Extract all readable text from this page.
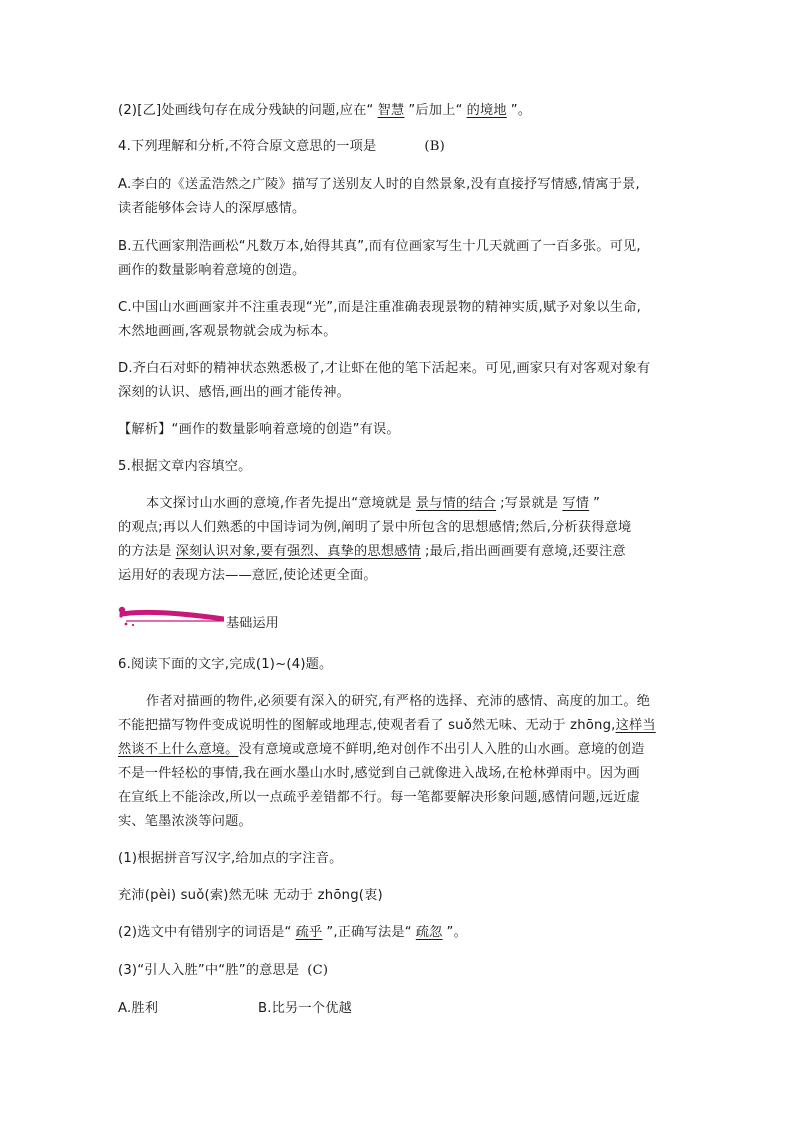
(2)[乙]处画线句存在成分残缺的问题,应在“ 智慧 ”后加上“ 的境地 ”。
4.下列理解和分析,不符合原文意思的一项是	(B)
A.李白的《送孟浩然之广陵》描写了送别友人时的自然景象,没有直接抒写情感,情寓于景,
读者能够体会诗人的深厚感情。
B.五代画家荆浩画松“凡数万本,始得其真”,而有位画家写生十几天就画了一百多张。可见,
画作的数量影响着意境的创造。
C.中国山水画画家并不注重表现“光”,而是注重准确表现景物的精神实质,赋予对象以生命,
木然地画画,客观景物就会成为标本。
D.齐白石对虾的精神状态熟悉极了,才让虾在他的笔下活起来。可见,画家只有对客观对象有
深刻的认识、感悟,画出的画才能传神。
【解析】“画作的数量影响着意境的创造”有误。
5.根据文章内容填空。
本文探讨山水画的意境,作者先提出“意境就是 景与情的结合 ;写景就是 写情 ”
的观点;再以人们熟悉的中国诗词为例,阐明了景中所包含的思想感情;然后,分析获得意境
的方法是 深刻认识对象,要有强烈、真挚的思想感情 ;最后,指出画画要有意境,还要注意
运用好的表现方法——意匠,使论述更全面。
基础运用
6.阅读下面的文字,完成(1)~(4)题。
作者对描画的物件,必须要有深入的研究,有严格的选择、充沛的感情、高度的加工。绝
不能把描写物件变成说明性的图解或地理志,使观者看了 suǒ然无味、无动于 zhōng,这样当
然谈不上什么意境。没有意境或意境不鲜明,绝对创作不出引人入胜的山水画。意境的创造
不是一件轻松的事情,我在画水墨山水时,感觉到自己就像进入战场,在枪林弹雨中。因为画
在宣纸上不能涂改,所以一点疏乎差错都不行。每一笔都要解决形象问题,感情问题,远近虚
实、笔墨浓淡等问题。
(1)根据拼音写汉字,给加点的字注音。
充沛(pèi) suǒ(索)然无味 无动于 zhōng(衷)
(2)选文中有错别字的词语是“ 疏乎 ”,正确写法是“ 疏忽 ”。
(3)“引人入胜”中“胜”的意思是 (C)
A.胜利	B.比另一个优越
